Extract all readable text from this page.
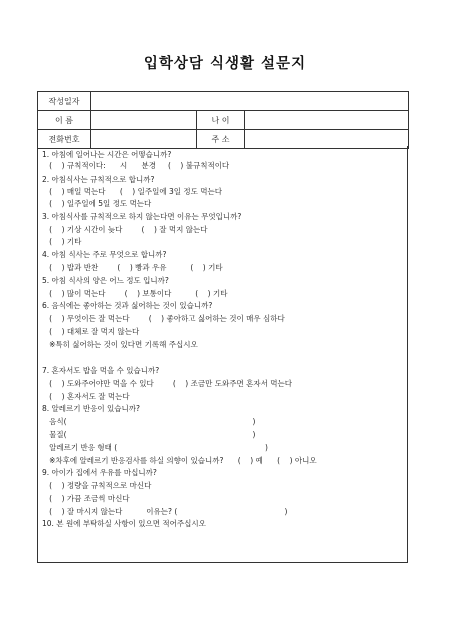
입학상담 식생활 설문지
작성일자			
이 름		나 이	
전화번호		주 소	
1. 아침에 일어나는 시간은 어떻습니까?
(    ) 규칙적이다:      시      분경     (    ) 불규칙적이다
2. 아침식사는 규칙적으로 합니까?
(    ) 매일 먹는다      (    ) 일주일에 3일 정도 먹는다
(    ) 일주일에 5일 정도 먹는다
3. 아침식사를 규칙적으로 하지 않는다면 이유는 무엇입니까?
(    ) 기상 시간이 늦다        (    ) 잘 먹지 않는다
(    ) 기타
4. 아침 식사는 주로 무엇으로 합니까?
(    ) 밥과 반찬        (    ) 빵과 우유          (    ) 기타
5. 아침 식사의 양은 어느 정도 입니까?
(    ) 많이 먹는다        (    ) 보통이다          (    ) 기타
6. 음식에는 좋아하는 것과 싫어하는 것이 있습니까?
(    ) 무엇이든 잘 먹는다        (    ) 좋아하고 싫어하는 것이 매우 심하다
(    ) 대체로 잘 먹지 않는다
※특히 싫어하는 것이 있다면 기록해 주십시오
7. 혼자서도 밥을 먹을 수 있습니까?
(    ) 도와주어야만 먹을 수 있다        (    ) 조금만 도와주면 혼자서 먹는다
(    ) 혼자서도 잘 먹는다
8. 알레르기 반응이 있습니까?
음식(                                                                              )
물질(                                                                              )
알레르기 반응 형태 (                                                              )
※차후에 알레르기 반응검사를 하실 의향이 있습니까?      (    ) 예      (    ) 아니오
9. 아이가 집에서 우유를 마십니까?
(    ) 정량을 규칙적으로 마신다
(    ) 가끔 조금씩 마신다
(    ) 잘 마시지 않는다          이유는? (                                             )
10. 본 원에 부탁하실 사항이 있으면 적어주십시오
